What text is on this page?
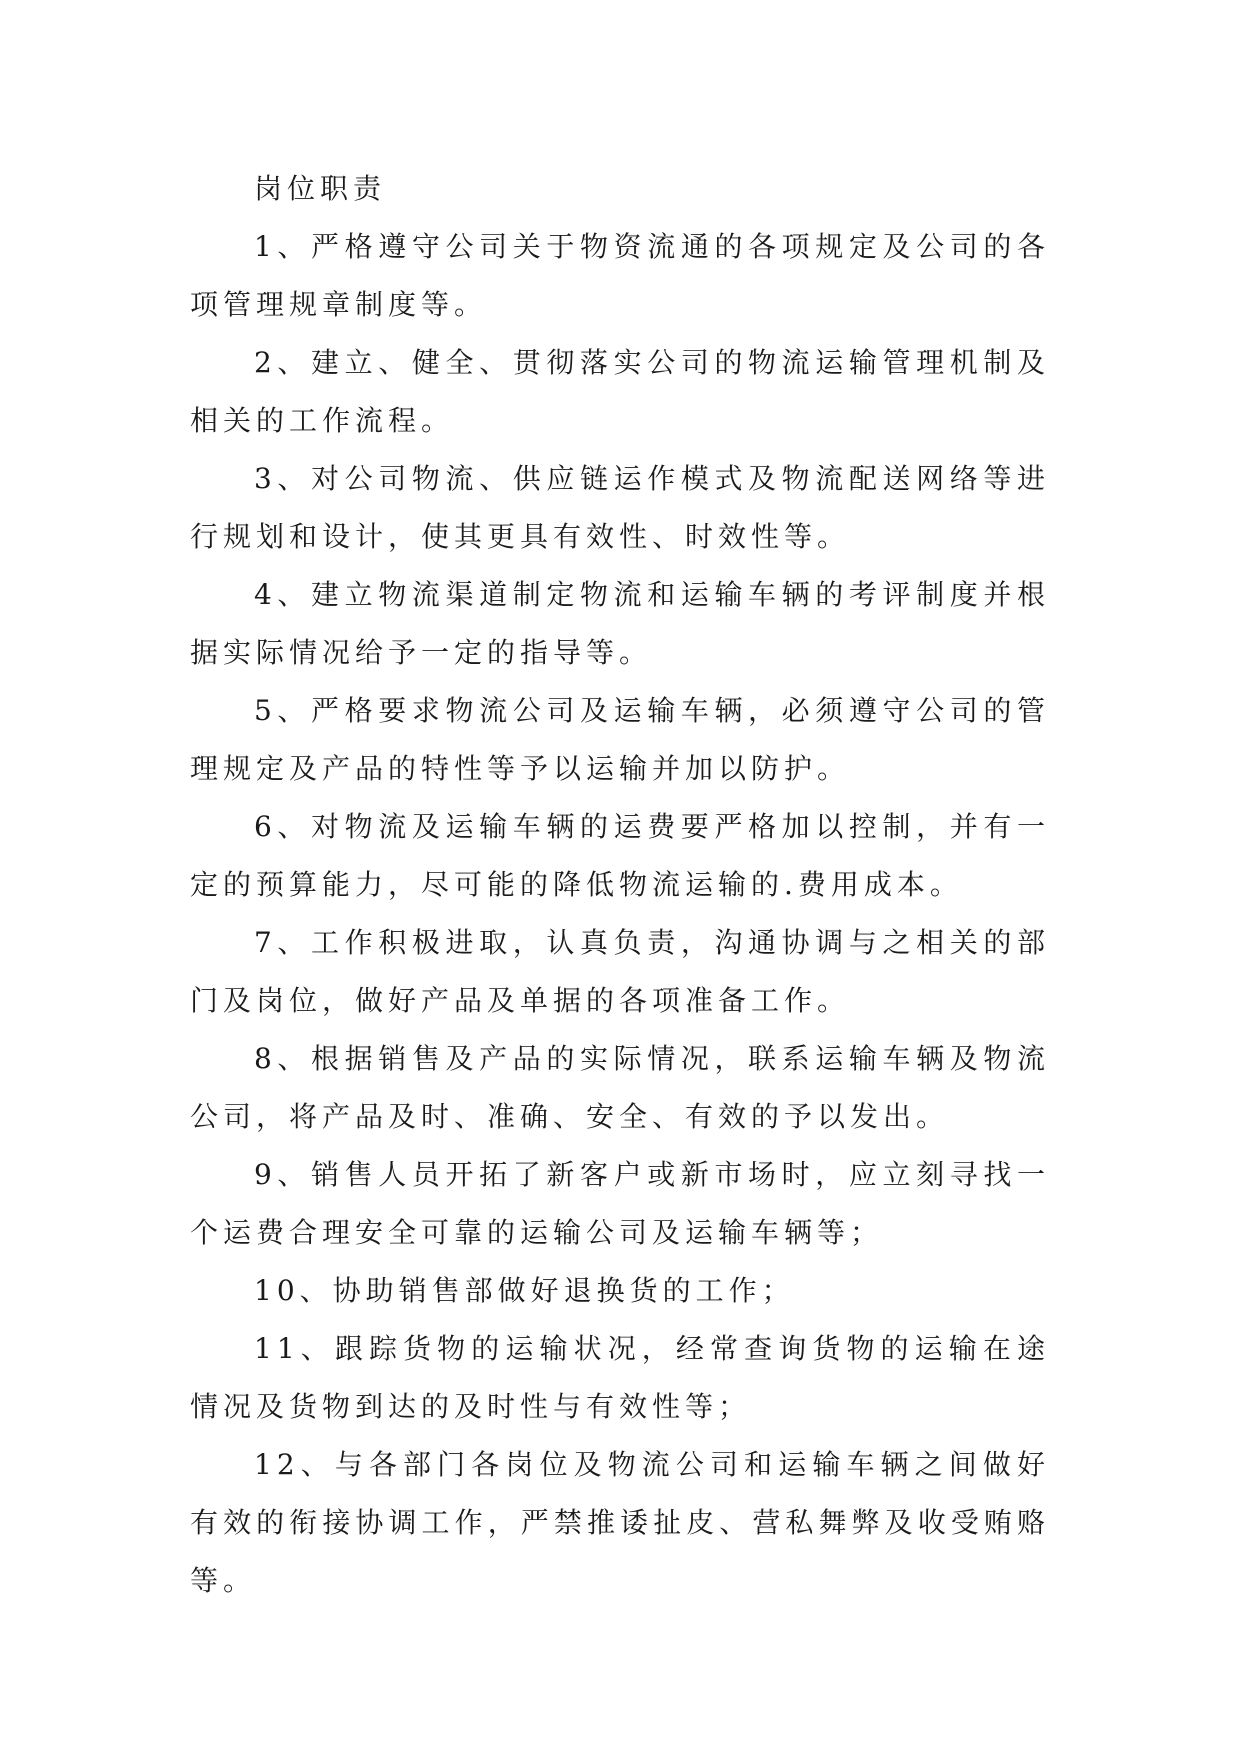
岗位职责

1、严格遵守公司关于物资流通的各项规定及公司的各项管理规章制度等。

2、建立、健全、贯彻落实公司的物流运输管理机制及相关的工作流程。

3、对公司物流、供应链运作模式及物流配送网络等进行规划和设计，使其更具有效性、时效性等。

4、建立物流渠道制定物流和运输车辆的考评制度并根据实际情况给予一定的指导等。

5、严格要求物流公司及运输车辆，必须遵守公司的管理规定及产品的特性等予以运输并加以防护。

6、对物流及运输车辆的运费要严格加以控制，并有一定的预算能力，尽可能的降低物流运输的.费用成本。

7、工作积极进取，认真负责，沟通协调与之相关的部门及岗位，做好产品及单据的各项准备工作。

8、根据销售及产品的实际情况，联系运输车辆及物流公司，将产品及时、准确、安全、有效的予以发出。

9、销售人员开拓了新客户或新市场时，应立刻寻找一个运费合理安全可靠的运输公司及运输车辆等；

10、协助销售部做好退换货的工作；

11、跟踪货物的运输状况，经常查询货物的运输在途情况及货物到达的及时性与有效性等；

12、与各部门各岗位及物流公司和运输车辆之间做好有效的衔接协调工作，严禁推诿扯皮、营私舞弊及收受贿赂等。
